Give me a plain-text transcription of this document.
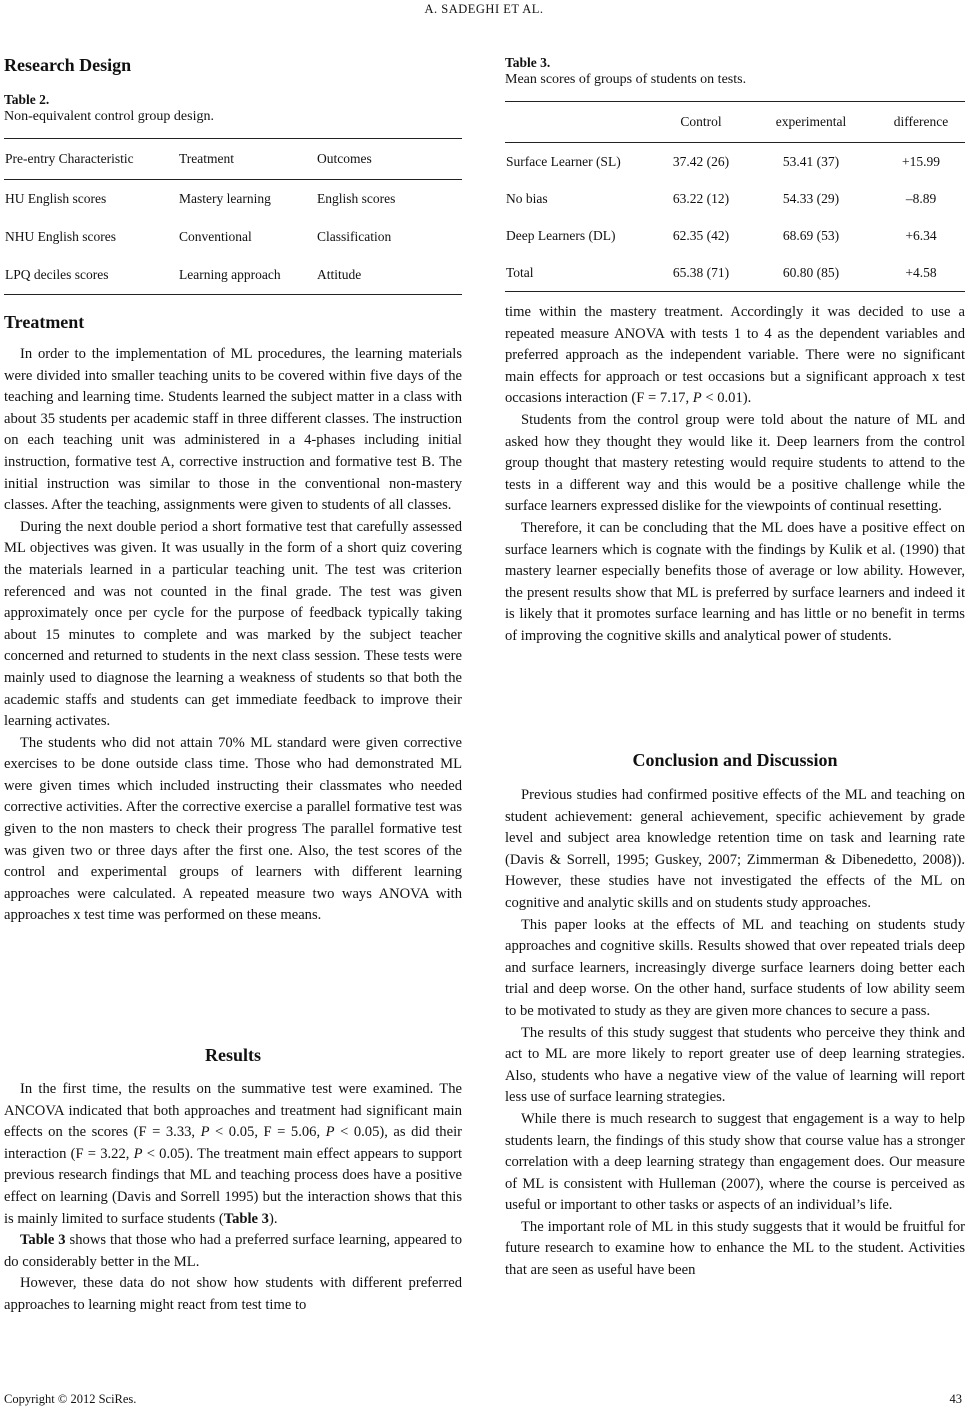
A. SADEGHI ET AL.
Research Design
Table 2.
Non-equivalent control group design.
Pre-entry Characteristic	Treatment	Outcomes
HU English scores	Mastery learning	English scores
NHU English scores	Conventional	Classification
LPQ deciles scores	Learning approach	Attitude
Treatment

In order to the implementation of ML procedures, the learning materials were divided into smaller teaching units to be covered within five days of the teaching and learning time. Students learned the subject matter in a class with about 35 students per academic staff in three different classes. The instruction on each teaching unit was administered in a 4-phases including initial instruction, formative test A, corrective instruction and formative test B. The initial instruction was similar to those in the conventional non-mastery classes. After the teaching, assignments were given to students of all classes.

During the next double period a short formative test that carefully assessed ML objectives was given. It was usually in the form of a short quiz covering the materials learned in a particular teaching unit. The test was criterion referenced and was not counted in the final grade. The test was given approximately once per cycle for the purpose of feedback typically taking about 15 minutes to complete and was marked by the subject teacher concerned and returned to students in the next class session. These tests were mainly used to diagnose the learning a weakness of students so that both the academic staffs and students can get immediate feedback to improve their learning activates.

The students who did not attain 70% ML standard were given corrective exercises to be done outside class time. Those who had demonstrated ML were given times which included instructing their classmates who needed corrective activities. After the corrective exercise a parallel formative test was given to the non masters to check their progress The parallel formative test was given two or three days after the first one. Also, the test scores of the control and experimental groups of learners with different learning approaches were calculated. A repeated measure two ways ANOVA with approaches x test time was performed on these means.

Results

In the first time, the results on the summative test were examined. The ANCOVA indicated that both approaches and treatment had significant main effects on the scores (F = 3.33, P < 0.05, F = 5.06, P < 0.05), as did their interaction (F = 3.22, P < 0.05). The treatment main effect appears to support previous research findings that ML and teaching process does have a positive effect on learning (Davis and Sorrell 1995) but the interaction shows that this is mainly limited to surface students (Table 3).

Table 3 shows that those who had a preferred surface learning, appeared to do considerably better in the ML.

However, these data do not show how students with different preferred approaches to learning might react from test time to

Table 3.
Mean scores of groups of students on tests.
	Control	experimental	difference
Surface Learner (SL)	37.42 (26)	53.41 (37)	+15.99
No bias	63.22 (12)	54.33 (29)	–8.89
Deep Learners (DL)	62.35 (42)	68.69 (53)	+6.34
Total	65.38 (71)	60.80 (85)	+4.58

time within the mastery treatment. Accordingly it was decided to use a repeated measure ANOVA with tests 1 to 4 as the dependent variables and preferred approach as the independent variable. There were no significant main effects for approach or test occasions but a significant approach x test occasions interaction (F = 7.17, P < 0.01).

Students from the control group were told about the nature of ML and asked how they thought they would like it. Deep learners from the control group thought that mastery retesting would require students to attend to the tests in a different way and this would be a positive challenge while the surface learners expressed dislike for the viewpoints of continual resetting.

Therefore, it can be concluding that the ML does have a positive effect on surface learners which is cognate with the findings by Kulik et al. (1990) that mastery learner especially benefits those of average or low ability. However, the present results show that ML is preferred by surface learners and indeed it is likely that it promotes surface learning and has little or no benefit in terms of improving the cognitive skills and analytical power of students.

Conclusion and Discussion

Previous studies had confirmed positive effects of the ML and teaching on student achievement: general achievement, specific achievement by grade level and subject area knowledge retention time on task and learning rate (Davis & Sorrell, 1995; Guskey, 2007; Zimmerman & Dibenedetto, 2008)). However, these studies have not investigated the effects of the ML on cognitive and analytic skills and on students study approaches.

This paper looks at the effects of ML and teaching on students study approaches and cognitive skills. Results showed that over repeated trials deep and surface learners, increasingly diverge surface learners doing better each trial and deep worse. On the other hand, surface students of low ability seem to be motivated to study as they are given more chances to secure a pass.

The results of this study suggest that students who perceive they think and act to ML are more likely to report greater use of deep learning strategies. Also, students who have a negative view of the value of learning will report less use of surface learning strategies.

While there is much research to suggest that engagement is a way to help students learn, the findings of this study show that course value has a stronger correlation with a deep learning strategy than engagement does. Our measure of ML is consistent with Hulleman (2007), where the course is perceived as useful or important to other tasks or aspects of an individual’s life.

The important role of ML in this study suggests that it would be fruitful for future research to examine how to enhance the ML to the student. Activities that are seen as useful have been

Copyright © 2012 SciRes.	43
